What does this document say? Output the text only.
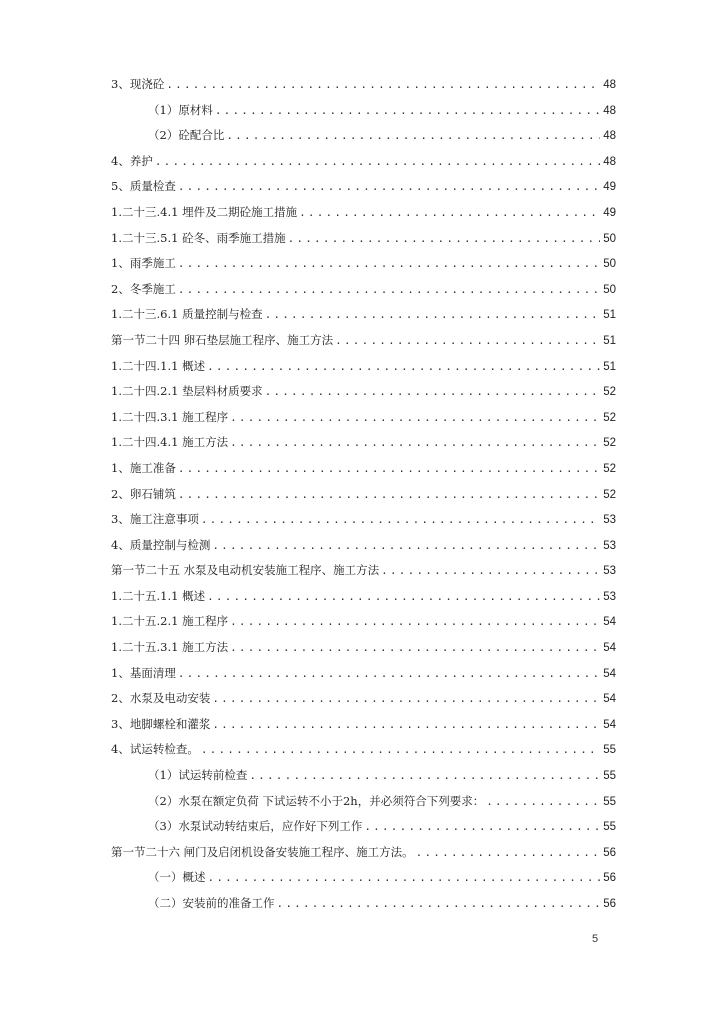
3、现浇砼 .....	48
（1）原材料 .....	48
（2）砼配合比 .....	48
4、养护 .....	48
5、质量检查 .....	49
1.二十三.4.1 埋件及二期砼施工措施 .....	49
1.二十三.5.1 砼冬、雨季施工措施 .....	50
1、雨季施工 .....	50
2、冬季施工 .....	50
1.二十三.6.1 质量控制与检查 .....	51
第一节二十四 卵石垫层施工程序、施工方法 .....	51
1.二十四.1.1 概述 .....	51
1.二十四.2.1 垫层料材质要求 .....	52
1.二十四.3.1 施工程序 .....	52
1.二十四.4.1 施工方法 .....	52
1、施工准备 .....	52
2、卵石铺筑 .....	52
3、施工注意事项 .....	53
4、质量控制与检测 .....	53
第一节二十五 水泵及电动机安装施工程序、施工方法 .....	53
1.二十五.1.1 概述 .....	53
1.二十五.2.1 施工程序 .....	54
1.二十五.3.1 施工方法 .....	54
1、基面清理 .....	54
2、水泵及电动安装 .....	54
3、地脚螺栓和灌浆 .....	54
4、试运转检查。 .....	55
（1）试运转前检查 .....	55
（2）水泵在额定负荷 下试运转不小于2h，并必须符合下列要求： .....	55
（3）水泵试动转结束后，应作好下列工作 .....	55
第一节二十六 闸门及启闭机设备安装施工程序、施工方法。 .....	56
（一）概述 .....	56
（二）安装前的准备工作 .....	56
5
